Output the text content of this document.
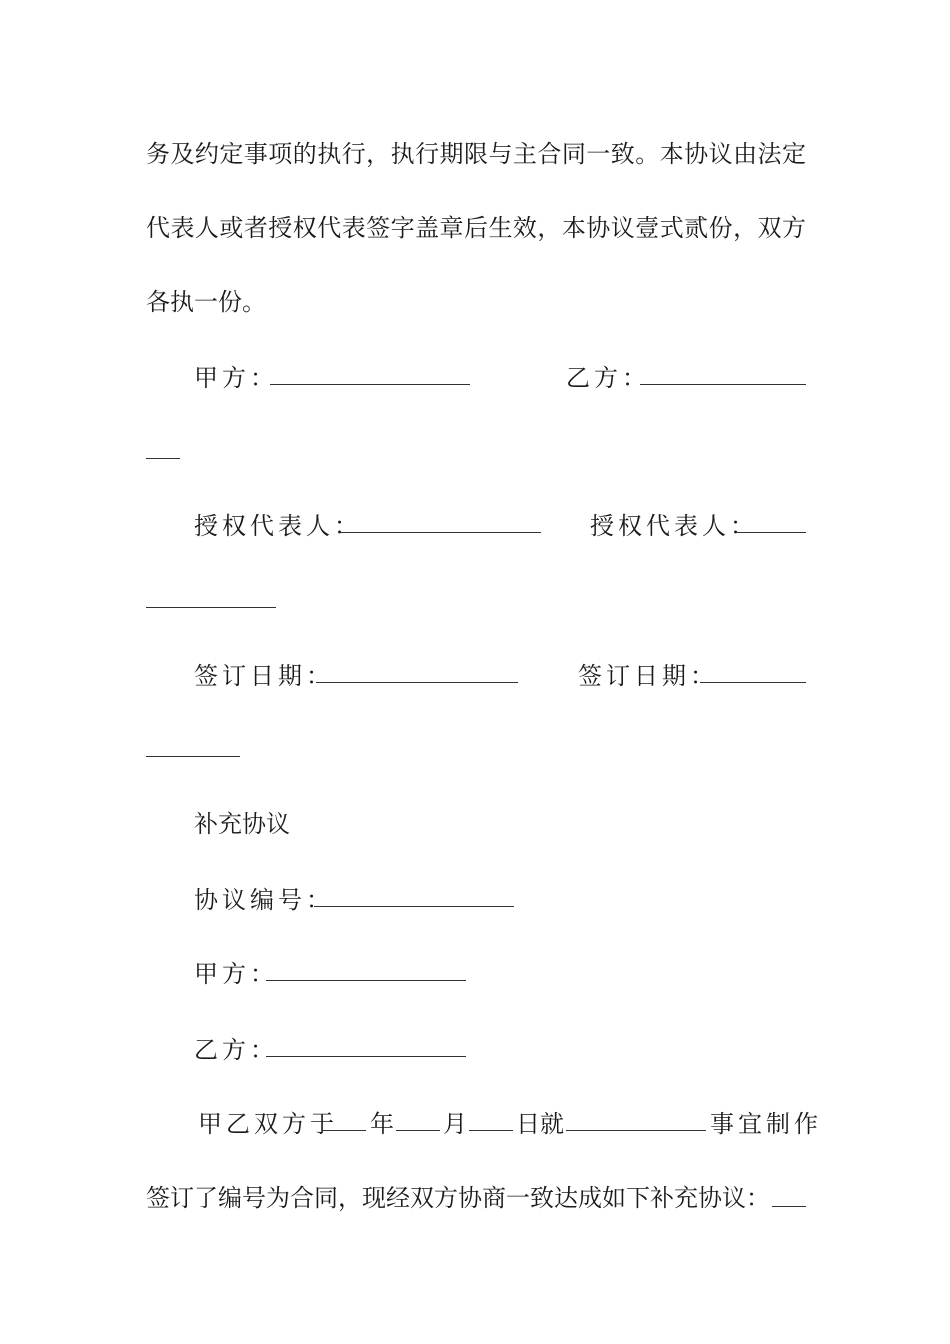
务及约定事项的执行，执行期限与主合同一致。本协议由法定
代表人或者授权代表签字盖章后生效，本协议壹式贰份，双方
各执一份。
甲方：	乙方：
授权代表人：	授权代表人：
签订日期：	签订日期：
补充协议
协议编号：
甲方：
乙方：
甲乙双方于 年 月 日就	事宜制作
签订了编号为合同，现经双方协商一致达成如下补充协议：
